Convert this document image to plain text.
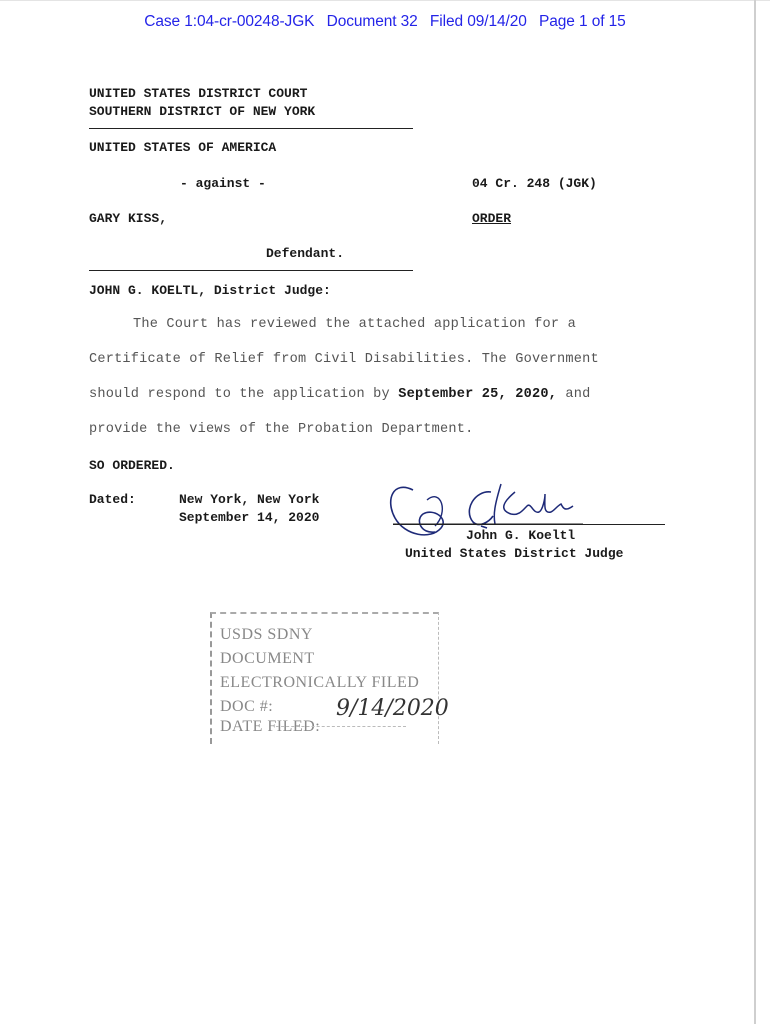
Case 1:04-cr-00248-JGK Document 32 Filed 09/14/20 Page 1 of 15
UNITED STATES DISTRICT COURT
SOUTHERN DISTRICT OF NEW YORK
UNITED STATES OF AMERICA
- against -	04 Cr. 248 (JGK)
GARY KISS,	ORDER
Defendant.
JOHN G. KOELTL, District Judge:
The Court has reviewed the attached application for a
Certificate of Relief from Civil Disabilities. The Government
should respond to the application by September 25, 2020, and
provide the views of the Probation Department.
SO ORDERED.
Dated:	New York, New York
September 14, 2020
John G. Koeltl
United States District Judge
USDS SDNY
DOCUMENT
ELECTRONICALLY FILED
DOC #:
DATE FILED:
9/14/2020
